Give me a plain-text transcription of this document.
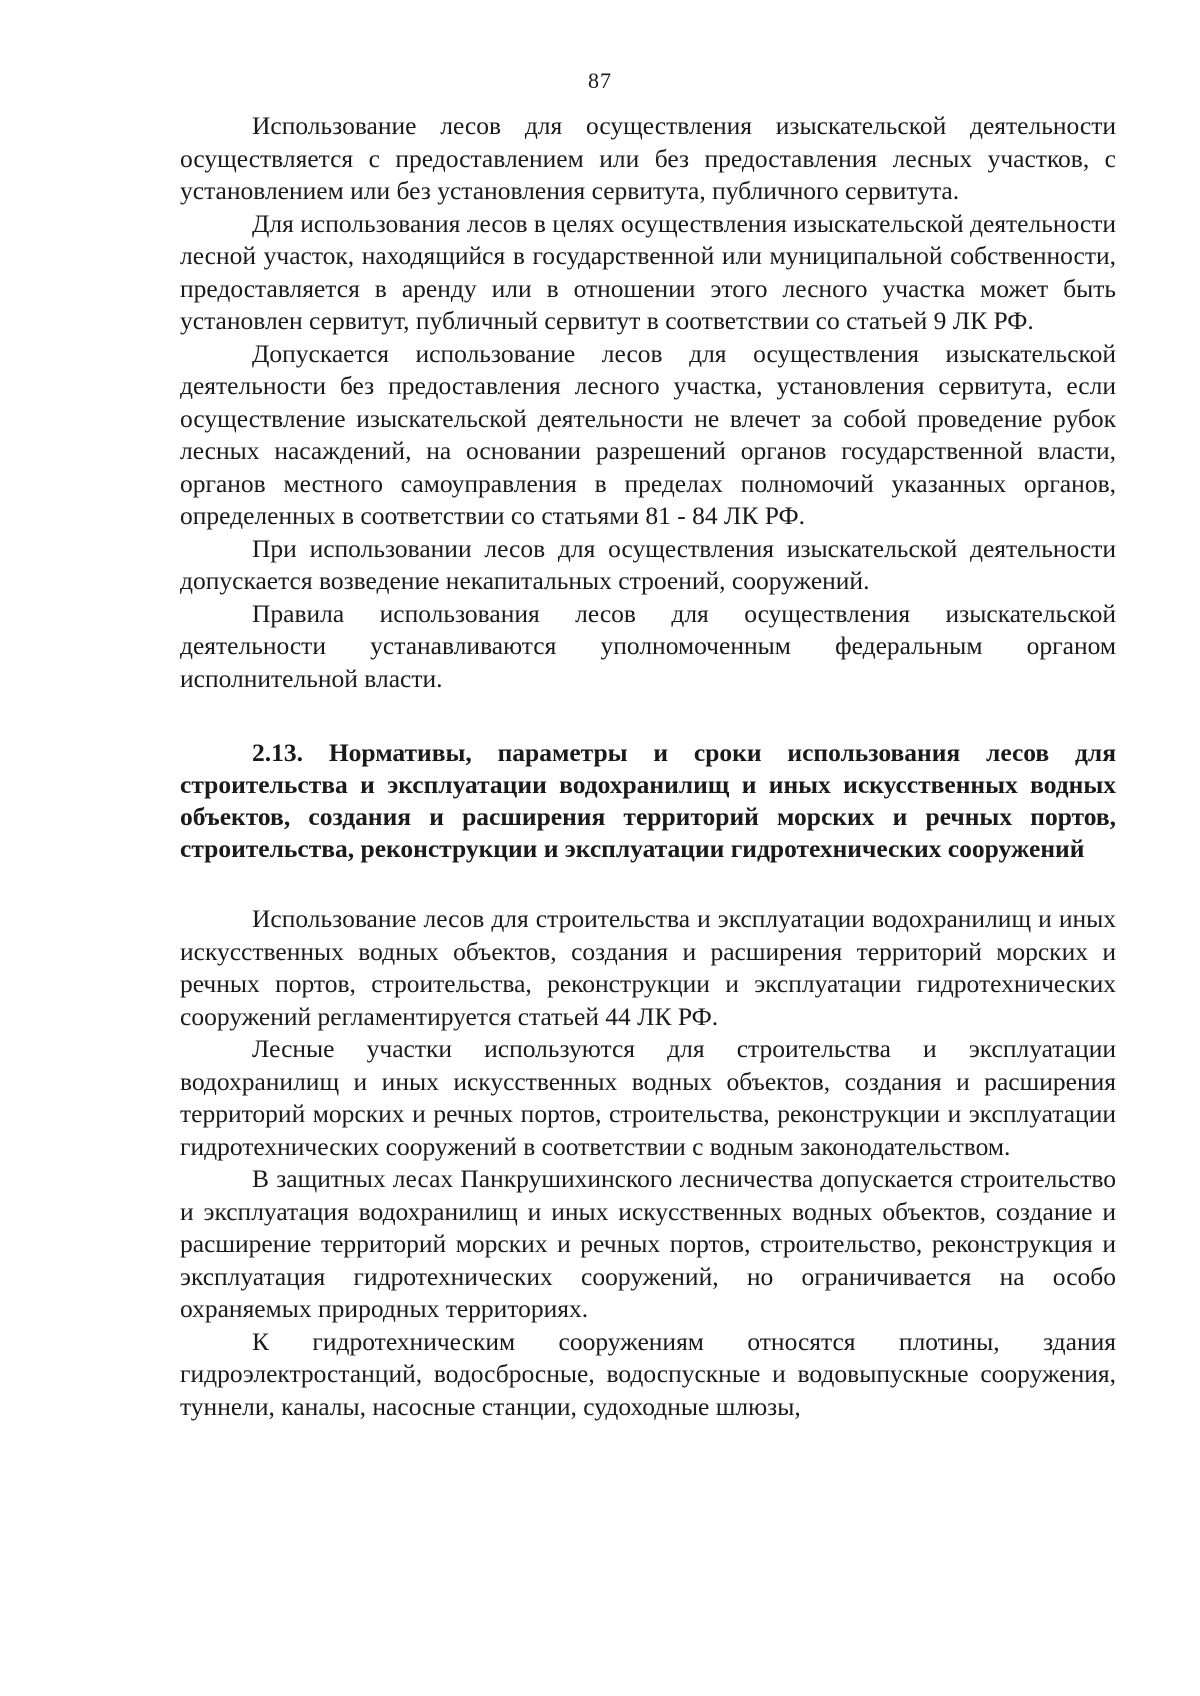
87

Использование лесов для осуществления изыскательской деятельности осуществляется с предоставлением или без предоставления лесных участков, с установлением или без установления сервитута, публичного сервитута.

Для использования лесов в целях осуществления изыскательской деятельности лесной участок, находящийся в государственной или муниципальной собственности, предоставляется в аренду или в отношении этого лесного участка может быть установлен сервитут, публичный сервитут в соответствии со статьей 9 ЛК РФ.

Допускается использование лесов для осуществления изыскательской деятельности без предоставления лесного участка, установления сервитута, если осуществление изыскательской деятельности не влечет за собой проведение рубок лесных насаждений, на основании разрешений органов государственной власти, органов местного самоуправления в пределах полномочий указанных органов, определенных в соответствии со статьями 81 - 84 ЛК РФ.

При использовании лесов для осуществления изыскательской деятельности допускается возведение некапитальных строений, сооружений.

Правила использования лесов для осуществления изыскательской деятельности устанавливаются уполномоченным федеральным органом исполнительной власти.

2.13. Нормативы, параметры и сроки использования лесов для строительства и эксплуатации водохранилищ и иных искусственных водных объектов, создания и расширения территорий морских и речных портов, строительства, реконструкции и эксплуатации гидротехнических сооружений

Использование лесов для строительства и эксплуатации водохранилищ и иных искусственных водных объектов, создания и расширения территорий морских и речных портов, строительства, реконструкции и эксплуатации гидротехнических сооружений регламентируется статьей 44 ЛК РФ.

Лесные участки используются для строительства и эксплуатации водохранилищ и иных искусственных водных объектов, создания и расширения территорий морских и речных портов, строительства, реконструкции и эксплуатации гидротехнических сооружений в соответствии с водным законодательством.

В защитных лесах Панкрушихинского лесничества допускается строительство и эксплуатация водохранилищ и иных искусственных водных объектов, создание и расширение территорий морских и речных портов, строительство, реконструкция и эксплуатация гидротехнических сооружений, но ограничивается на особо охраняемых природных территориях.

К гидротехническим сооружениям относятся плотины, здания гидроэлектростанций, водосбросные, водоспускные и водовыпускные сооружения, туннели, каналы, насосные станции, судоходные шлюзы,
